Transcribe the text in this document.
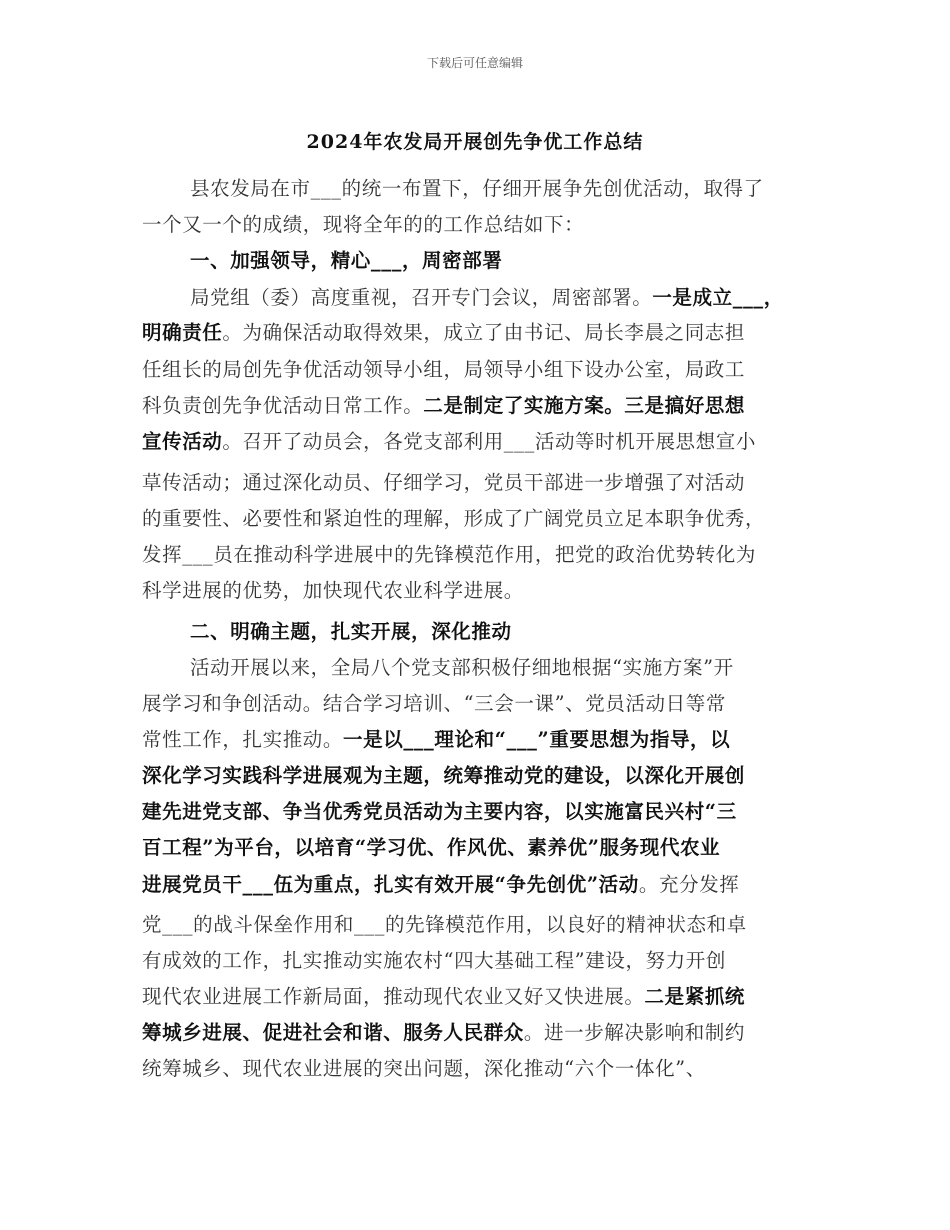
下载后可任意编辑
2024年农发局开展创先争优工作总结
县农发局在市___的统一布置下，仔细开展争先创优活动，取得了
一个又一个的成绩，现将全年的的工作总结如下：
一、加强领导，精心___，周密部署
局党组（委）高度重视，召开专门会议，周密部署。一是成立___，
明确责任。为确保活动取得效果，成立了由书记、局长李晨之同志担
任组长的局创先争优活动领导小组，局领导小组下设办公室，局政工
科负责创先争优活动日常工作。二是制定了实施方案。三是搞好思想
宣传活动。召开了动员会，各党支部利用___活动等时机开展思想宣小
草传活动；通过深化动员、仔细学习，党员干部进一步增强了对活动
的重要性、必要性和紧迫性的理解，形成了广阔党员立足本职争优秀，
发挥___员在推动科学进展中的先锋模范作用，把党的政治优势转化为
科学进展的优势，加快现代农业科学进展。
二、明确主题，扎实开展，深化推动
活动开展以来，全局八个党支部积极仔细地根据“实施方案”开
展学习和争创活动。结合学习培训、“三会一课”、党员活动日等常
常性工作，扎实推动。一是以___理论和“___”重要思想为指导，以
深化学习实践科学进展观为主题，统筹推动党的建设，以深化开展创
建先进党支部、争当优秀党员活动为主要内容，以实施富民兴村“三
百工程”为平台，以培育“学习优、作风优、素养优”服务现代农业
进展党员干___伍为重点，扎实有效开展“争先创优”活动。充分发挥
党___的战斗保垒作用和___的先锋模范作用，以良好的精神状态和卓
有成效的工作，扎实推动实施农村“四大基础工程”建设，努力开创
现代农业进展工作新局面，推动现代农业又好又快进展。二是紧抓统
筹城乡进展、促进社会和谐、服务人民群众。进一步解决影响和制约
统筹城乡、现代农业进展的突出问题，深化推动“六个一体化”、
